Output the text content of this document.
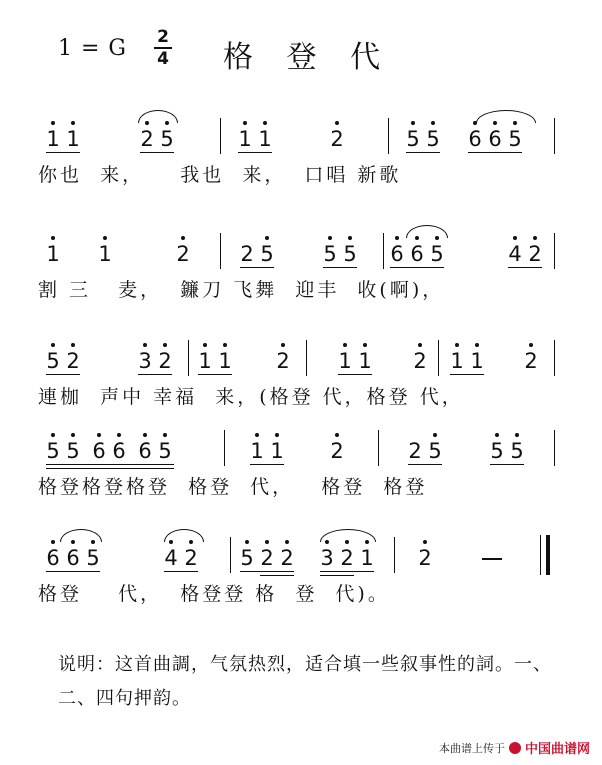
1 = G 2
4 格 登 代
1 1	2 5	1 1	2	5 5 6 6 5
你也  来，    我也  来，  口唱 新歌
1 1	2 2 5 5 5 6 6 5	4 2
割 三   麦，  鐮刀 飞舞  迎丰  收(啊)，
5 2	3 2 1 1 2 1 1 2 1 1 2
連枷  声中 幸福  来，(格登 代，格登 代，
5 5 6 6 6 5	1 1 2	2 5 5 5
格登格登格登  格登  代，   格登  格登
6 6 5	4 2 5 2 2 3 2 1 2
格登    代，  格登登 格  登  代)。
说明：这首曲調，气氛热烈，适合填一些叙事性的詞。一、二、四句押韵。
本曲谱上传于 中国曲谱网
